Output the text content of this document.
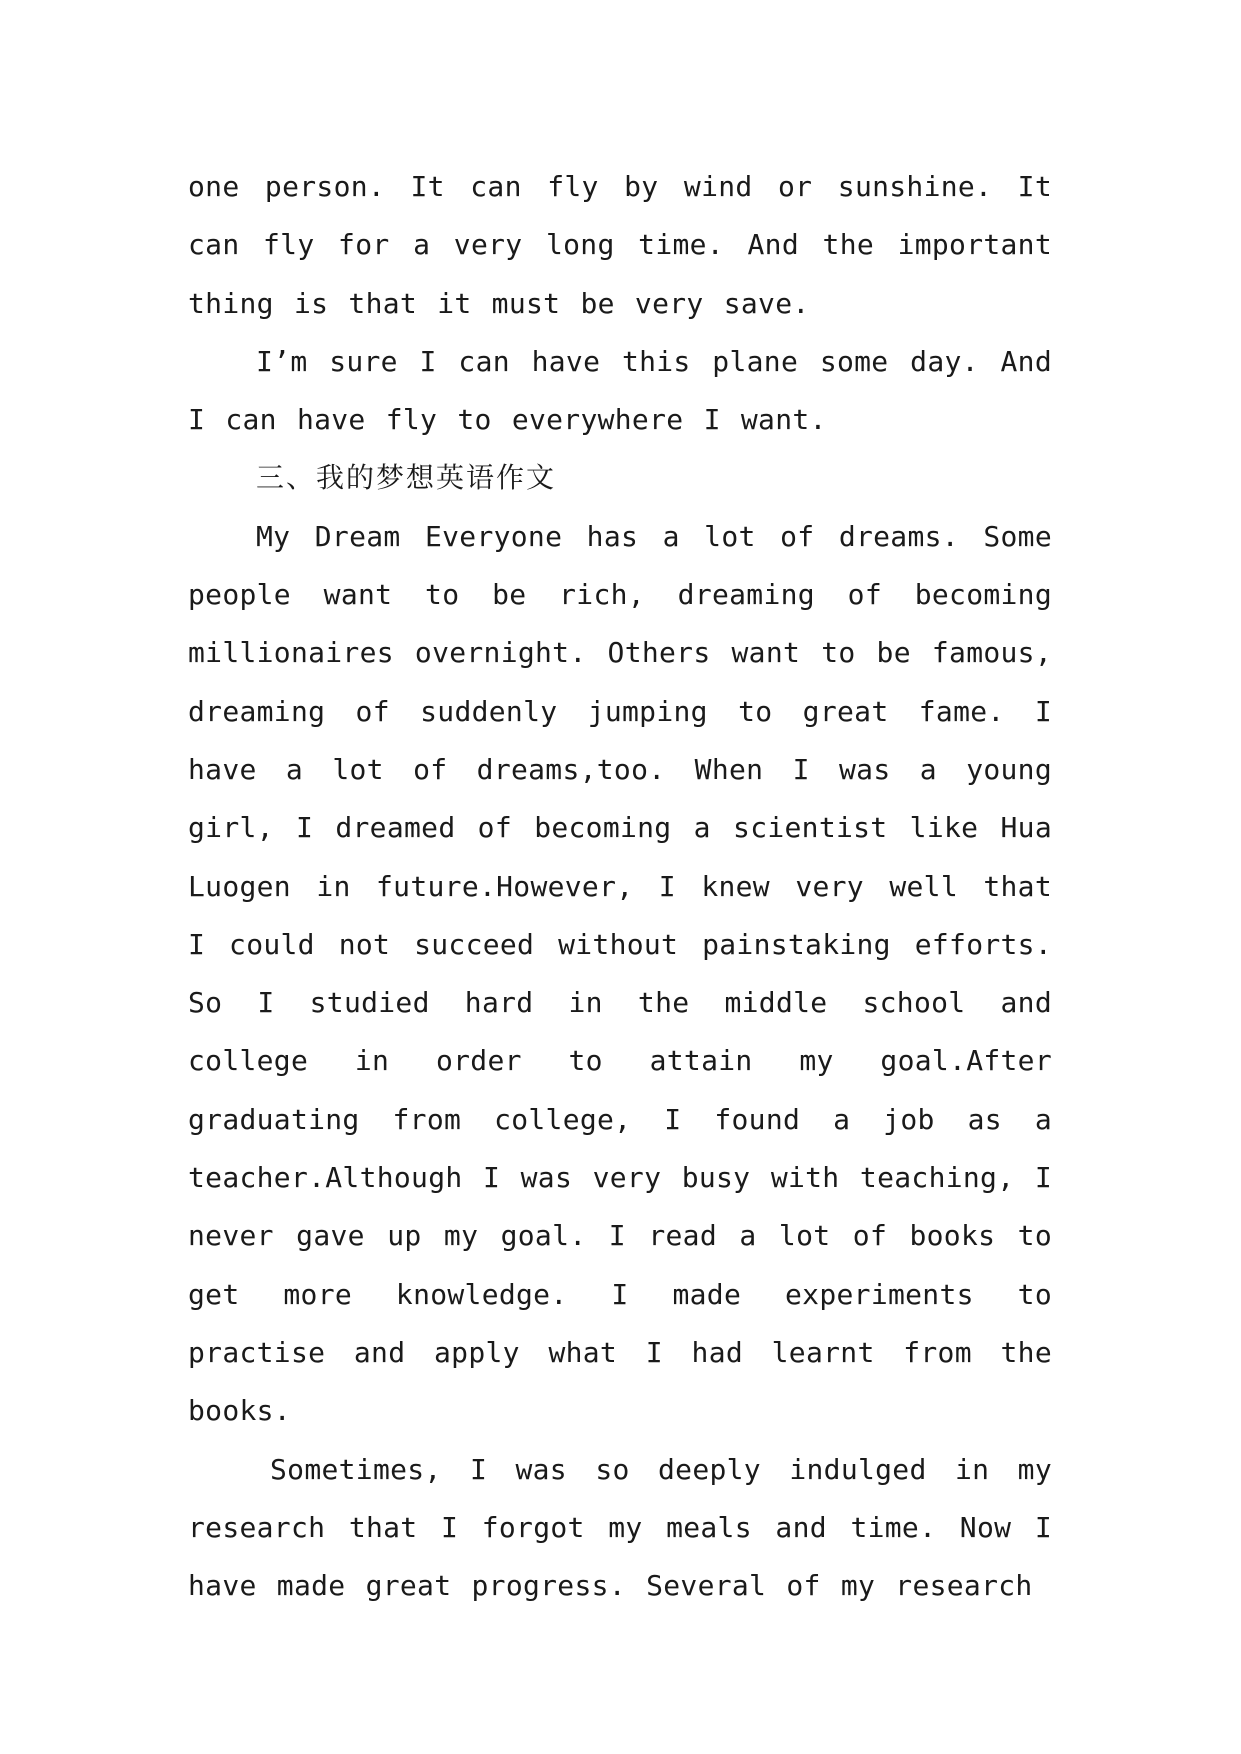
one person. It can fly by wind or sunshine. It can fly for a very long time. And the important thing is that it must be very save.

I’m sure I can have this plane some day. And I can have fly to everywhere I want.

三、我的梦想英语作文

My Dream Everyone has a lot of dreams. Some people want to be rich, dreaming of becoming millionaires overnight. Others want to be famous, dreaming of suddenly jumping to great fame. I have a lot of dreams,too. When I was a young girl, I dreamed of becoming a scientist like Hua Luogen in future.However, I knew very well that I could not succeed without painstaking efforts. So I studied hard in the middle school and college in order to attain my goal.After graduating from college, I found a job as a teacher.Although I was very busy with teaching, I never gave up my goal. I read a lot of books to get more knowledge. I made experiments to practise and apply what I had learnt from the books.

Sometimes, I was so deeply indulged in my research that I forgot my meals and time. Now I have made great progress. Several of my research
